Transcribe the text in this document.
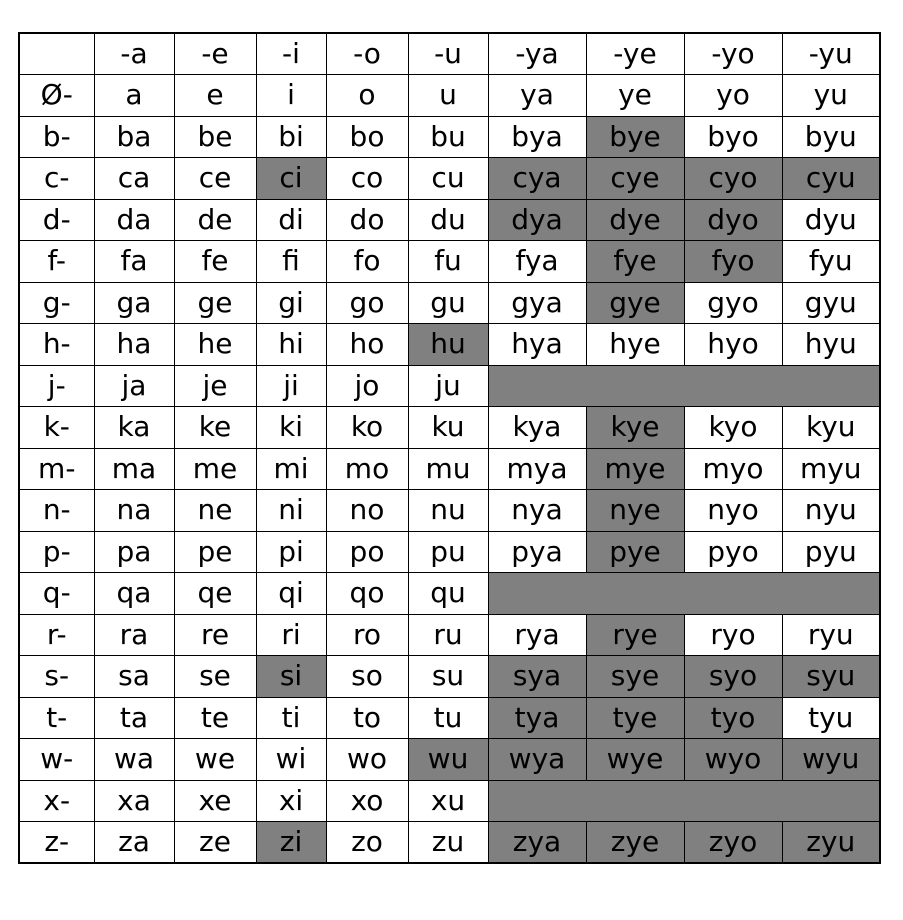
	-a	-e	-i	-o	-u	-ya	-ye	-yo	-yu
Ø-	a	e	i	o	u	ya	ye	yo	yu
b-	ba	be	bi	bo	bu	bya	bye	byo	byu
c-	ca	ce	ci	co	cu	cya	cye	cyo	cyu
d-	da	de	di	do	du	dya	dye	dyo	dyu
f-	fa	fe	fi	fo	fu	fya	fye	fyo	fyu
g-	ga	ge	gi	go	gu	gya	gye	gyo	gyu
h-	ha	he	hi	ho	hu	hya	hye	hyo	hyu
j-	ja	je	ji	jo	ju				
k-	ka	ke	ki	ko	ku	kya	kye	kyo	kyu
m-	ma	me	mi	mo	mu	mya	mye	myo	myu
n-	na	ne	ni	no	nu	nya	nye	nyo	nyu
p-	pa	pe	pi	po	pu	pya	pye	pyo	pyu
q-	qa	qe	qi	qo	qu				
r-	ra	re	ri	ro	ru	rya	rye	ryo	ryu
s-	sa	se	si	so	su	sya	sye	syo	syu
t-	ta	te	ti	to	tu	tya	tye	tyo	tyu
w-	wa	we	wi	wo	wu	wya	wye	wyo	wyu
x-	xa	xe	xi	xo	xu				
z-	za	ze	zi	zo	zu	zya	zye	zyo	zyu
